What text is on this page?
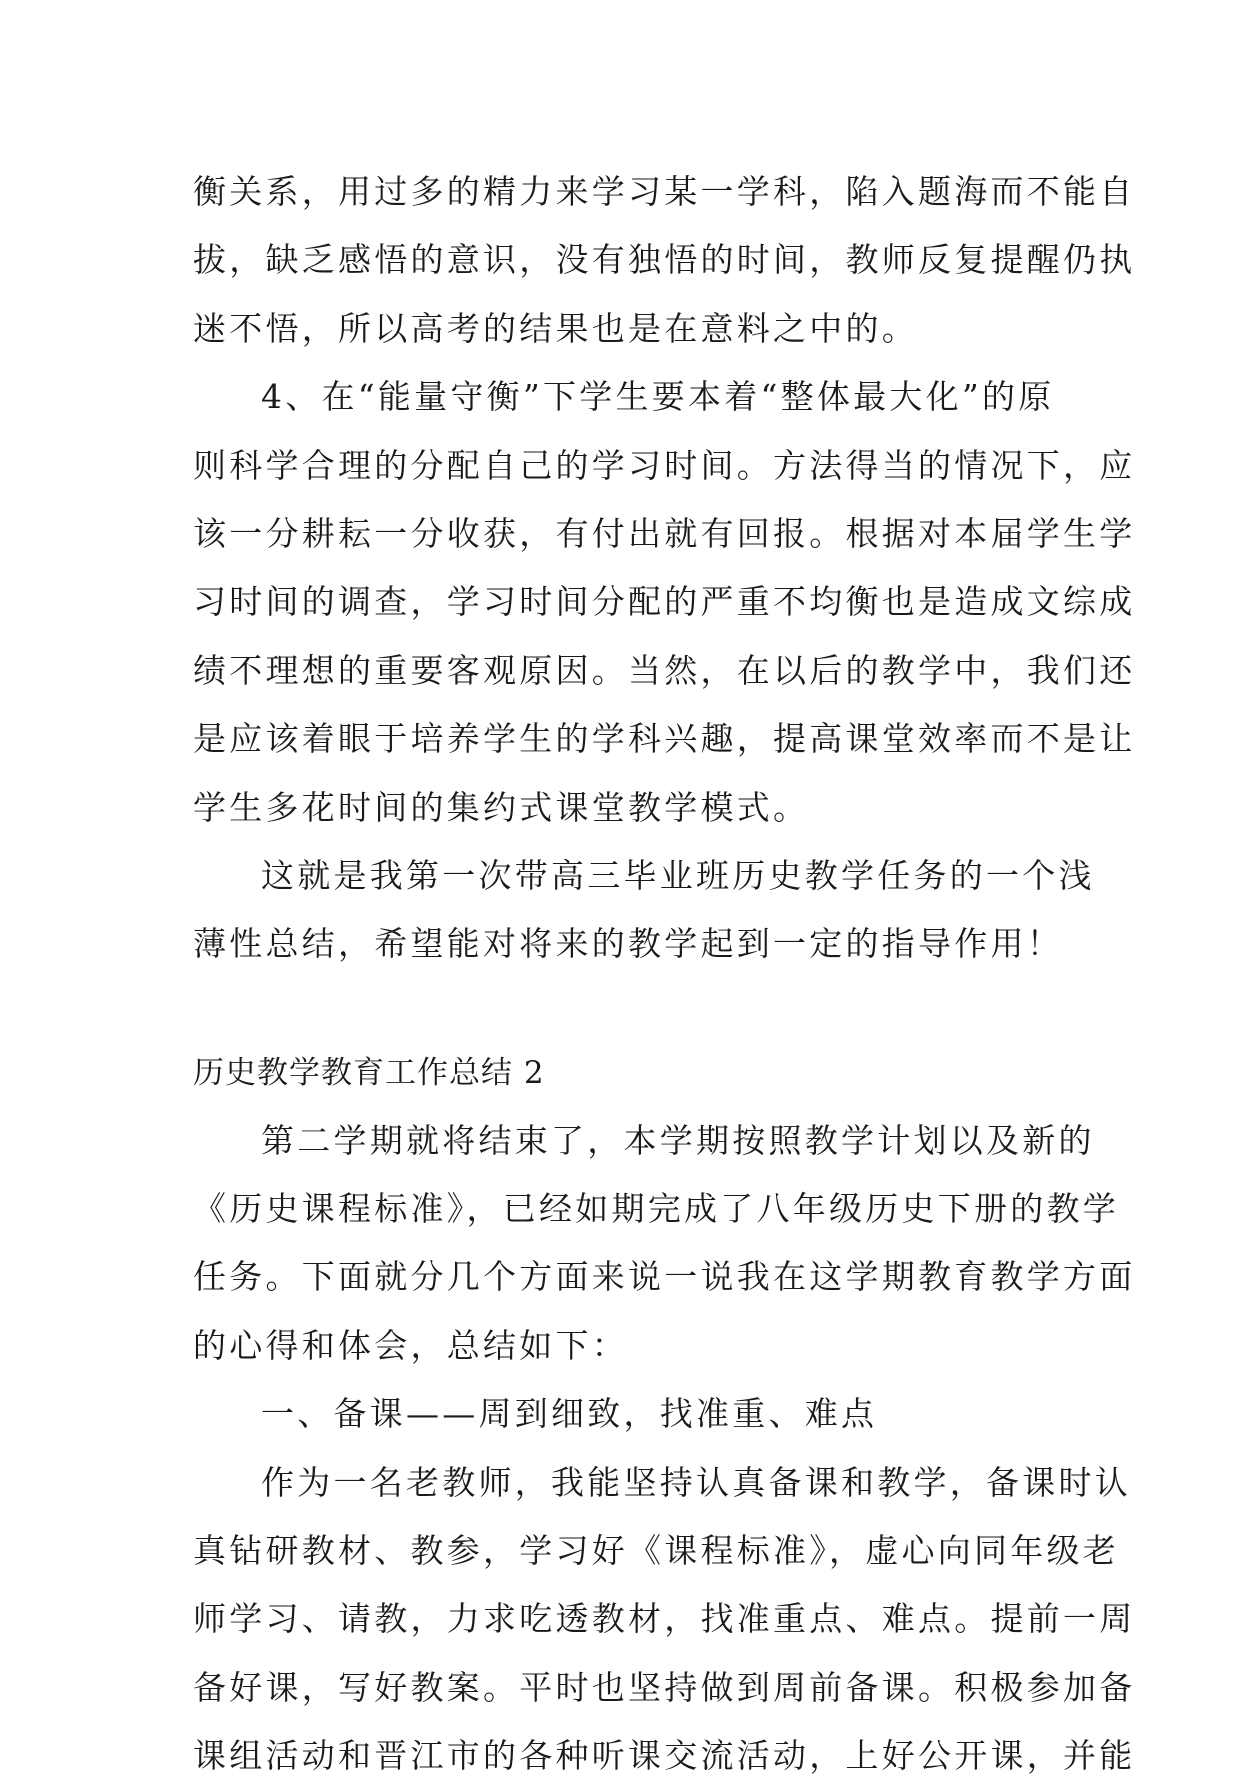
衡关系，用过多的精力来学习某一学科，陷入题海而不能自
拔，缺乏感悟的意识，没有独悟的时间，教师反复提醒仍执
迷不悟，所以高考的结果也是在意料之中的。
4、在“能量守衡”下学生要本着“整体最大化”的原
则科学合理的分配自己的学习时间。方法得当的情况下，应
该一分耕耘一分收获，有付出就有回报。根据对本届学生学
习时间的调查，学习时间分配的严重不均衡也是造成文综成
绩不理想的重要客观原因。当然，在以后的教学中，我们还
是应该着眼于培养学生的学科兴趣，提高课堂效率而不是让
学生多花时间的集约式课堂教学模式。
这就是我第一次带高三毕业班历史教学任务的一个浅
薄性总结，希望能对将来的教学起到一定的指导作用！
历史教学教育工作总结 2
第二学期就将结束了，本学期按照教学计划以及新的
《历史课程标准》，已经如期完成了八年级历史下册的教学
任务。下面就分几个方面来说一说我在这学期教育教学方面
的心得和体会，总结如下：
一、备课——周到细致，找准重、难点
作为一名老教师，我能坚持认真备课和教学，备课时认
真钻研教材、教参，学习好《课程标准》，虚心向同年级老
师学习、请教，力求吃透教材，找准重点、难点。提前一周
备好课，写好教案。平时也坚持做到周前备课。积极参加备
课组活动和晋江市的各种听课交流活动，上好公开课，并能
